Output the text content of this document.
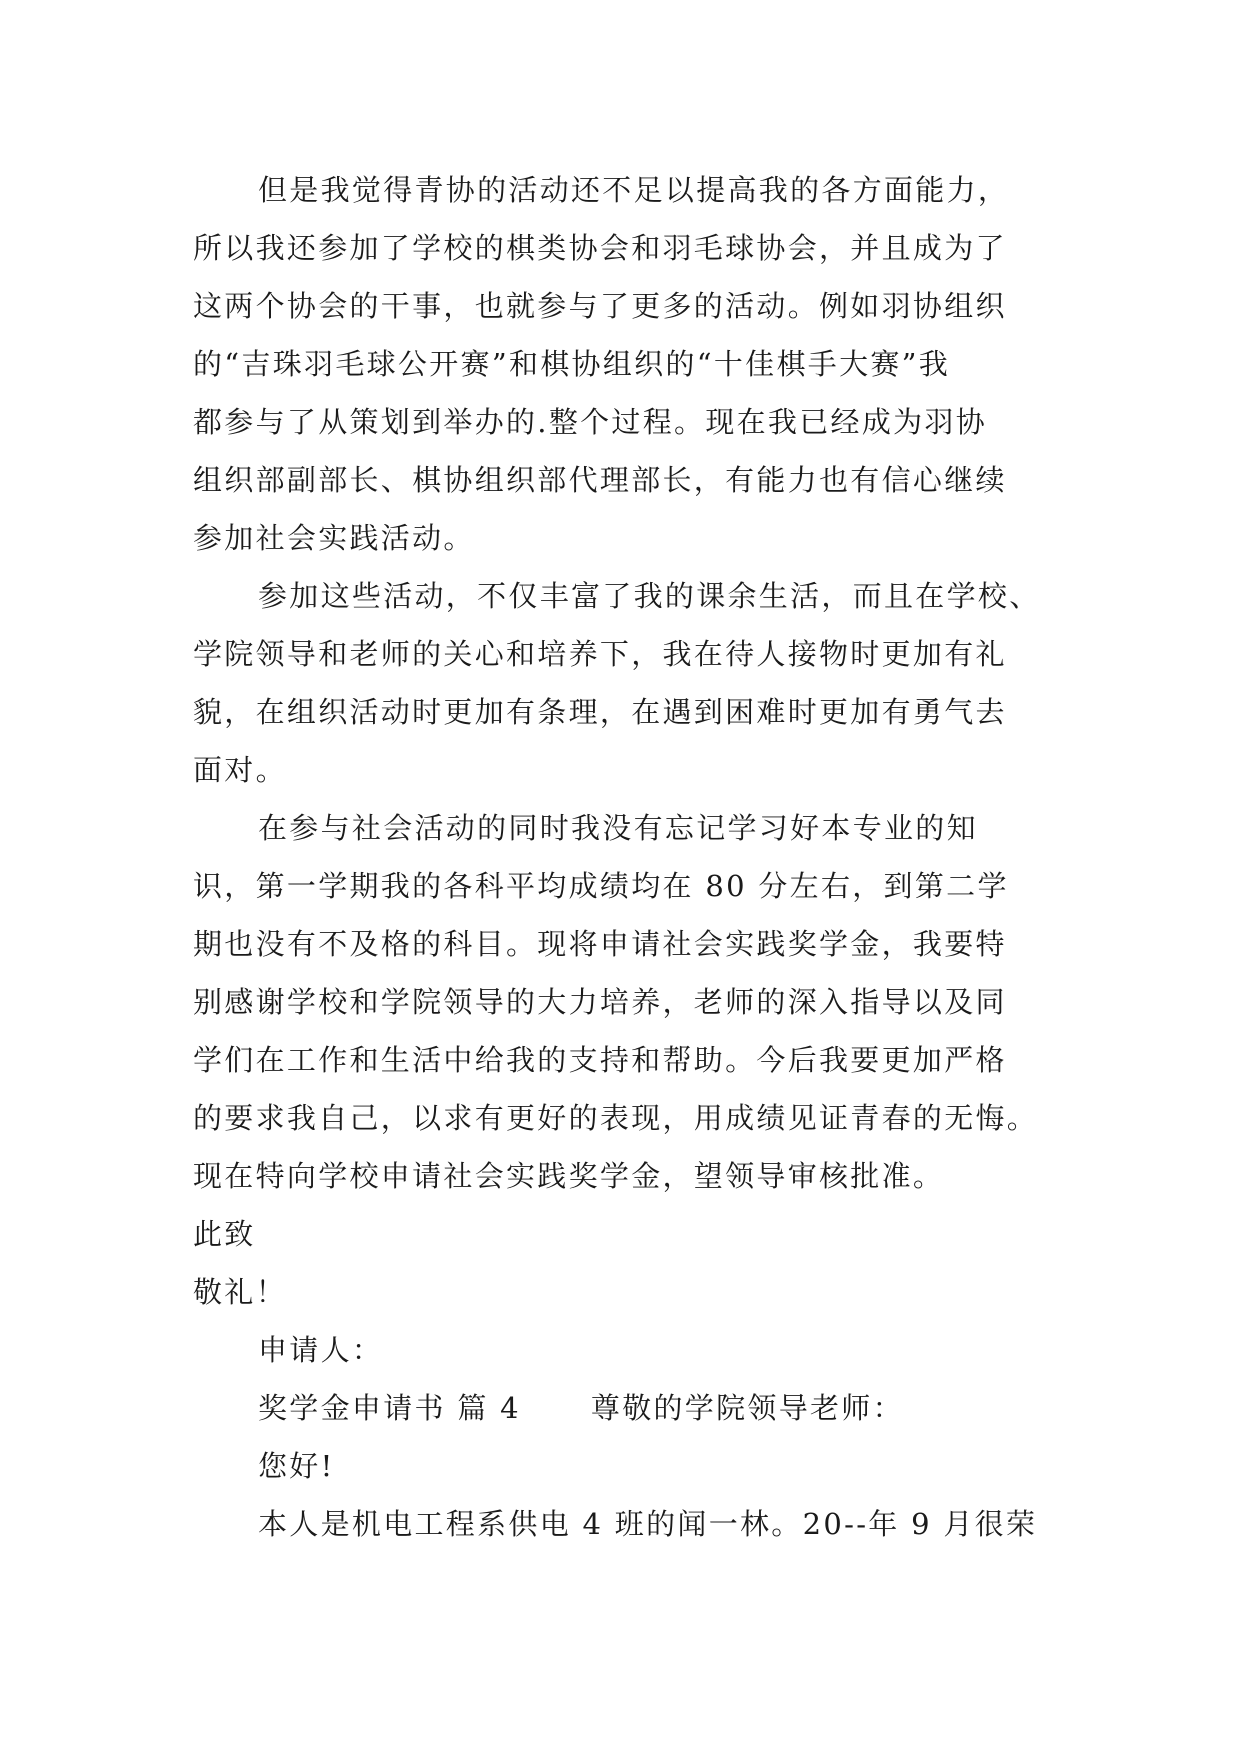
但是我觉得青协的活动还不足以提高我的各方面能力，
所以我还参加了学校的棋类协会和羽毛球协会，并且成为了
这两个协会的干事，也就参与了更多的活动。例如羽协组织
的“吉珠羽毛球公开赛”和棋协组织的“十佳棋手大赛”我
都参与了从策划到举办的.整个过程。现在我已经成为羽协
组织部副部长、棋协组织部代理部长，有能力也有信心继续
参加社会实践活动。
参加这些活动，不仅丰富了我的课余生活，而且在学校、
学院领导和老师的关心和培养下，我在待人接物时更加有礼
貌，在组织活动时更加有条理，在遇到困难时更加有勇气去
面对。
在参与社会活动的同时我没有忘记学习好本专业的知
识，第一学期我的各科平均成绩均在 80 分左右，到第二学
期也没有不及格的科目。现将申请社会实践奖学金，我要特
别感谢学校和学院领导的大力培养，老师的深入指导以及同
学们在工作和生活中给我的支持和帮助。今后我要更加严格
的要求我自己，以求有更好的表现，用成绩见证青春的无悔。
现在特向学校申请社会实践奖学金，望领导审核批准。
此致
敬礼！
申请人：
奖学金申请书 篇 4 尊敬的学院领导老师：
您好!
本人是机电工程系供电 4 班的闻一林。20--年 9 月很荣
